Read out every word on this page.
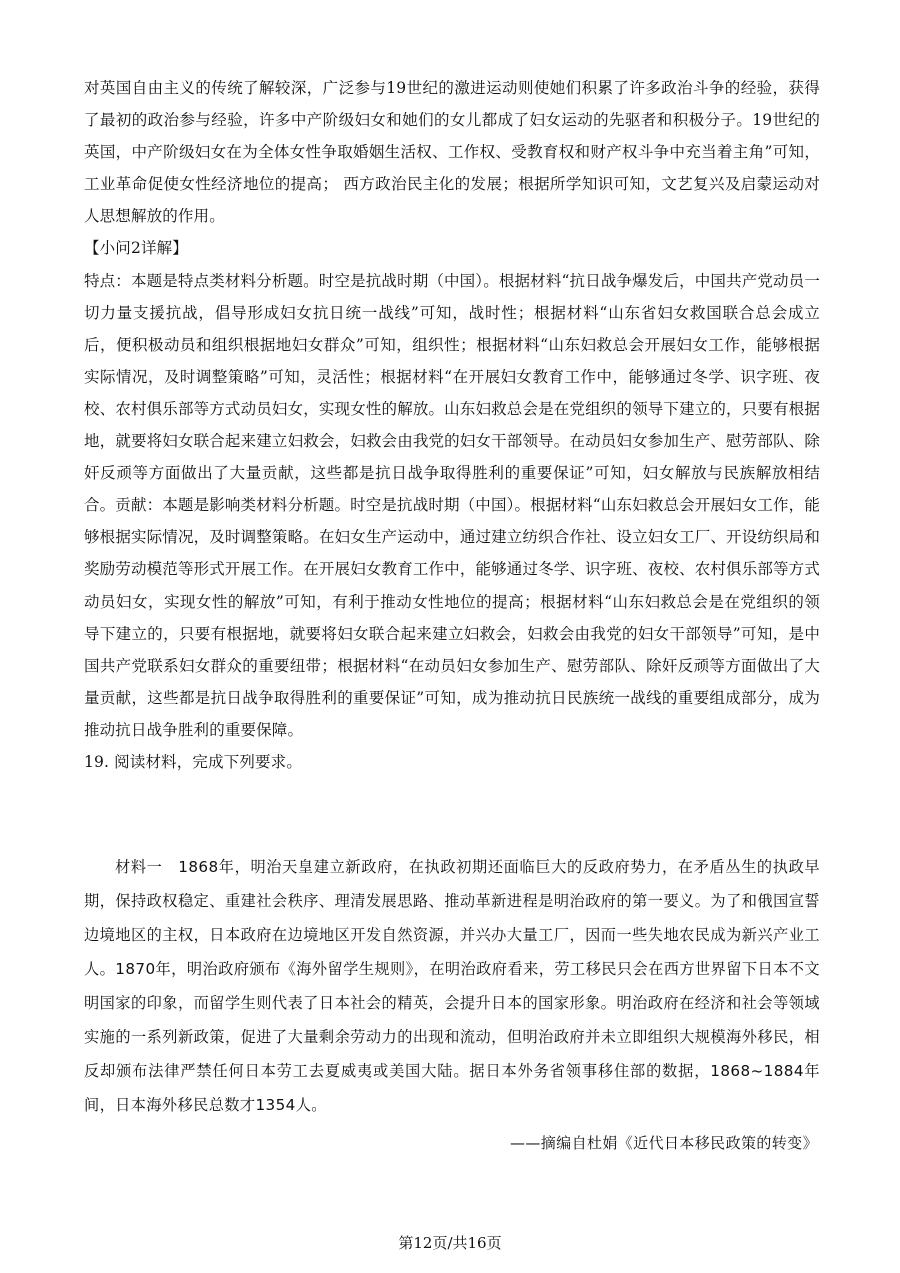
对英国自由主义的传统了解较深，广泛参与19世纪的激进运动则使她们积累了许多政治斗争的经验，获得了最初的政治参与经验，许多中产阶级妇女和她们的女儿都成了妇女运动的先驱者和积极分子。19世纪的英国，中产阶级妇女在为全体女性争取婚姻生活权、工作权、受教育权和财产权斗争中充当着主角”可知，工业革命促使女性经济地位的提高； 西方政治民主化的发展；根据所学知识可知，文艺复兴及启蒙运动对人思想解放的作用。

【小问2详解】

特点：本题是特点类材料分析题。时空是抗战时期（中国）。根据材料“抗日战争爆发后，中国共产党动员一切力量支援抗战，倡导形成妇女抗日统一战线”可知，战时性；根据材料“山东省妇女救国联合总会成立后，便积极动员和组织根据地妇女群众”可知，组织性；根据材料“山东妇救总会开展妇女工作，能够根据实际情况，及时调整策略”可知，灵活性；根据材料“在开展妇女教育工作中，能够通过冬学、识字班、夜校、农村俱乐部等方式动员妇女，实现女性的解放。山东妇救总会是在党组织的领导下建立的，只要有根据地，就要将妇女联合起来建立妇救会，妇救会由我党的妇女干部领导。在动员妇女参加生产、慰劳部队、除奸反顽等方面做出了大量贡献，这些都是抗日战争取得胜利的重要保证”可知，妇女解放与民族解放相结合。贡献：本题是影响类材料分析题。时空是抗战时期（中国）。根据材料“山东妇救总会开展妇女工作，能够根据实际情况，及时调整策略。在妇女生产运动中，通过建立纺织合作社、设立妇女工厂、开设纺织局和奖励劳动模范等形式开展工作。在开展妇女教育工作中，能够通过冬学、识字班、夜校、农村俱乐部等方式动员妇女，实现女性的解放”可知，有利于推动女性地位的提高；根据材料“山东妇救总会是在党组织的领导下建立的，只要有根据地，就要将妇女联合起来建立妇救会，妇救会由我党的妇女干部领导”可知，是中国共产党联系妇女群众的重要纽带；根据材料“在动员妇女参加生产、慰劳部队、除奸反顽等方面做出了大量贡献，这些都是抗日战争取得胜利的重要保证”可知，成为推动抗日民族统一战线的重要组成部分，成为推动抗日战争胜利的重要保障。

19. 阅读材料，完成下列要求。

材料一　1868年，明治天皇建立新政府，在执政初期还面临巨大的反政府势力，在矛盾丛生的执政早期，保持政权稳定、重建社会秩序、理清发展思路、推动革新进程是明治政府的第一要义。为了和俄国宣誓边境地区的主权，日本政府在边境地区开发自然资源，并兴办大量工厂，因而一些失地农民成为新兴产业工人。1870年，明治政府颁布《海外留学生规则》，在明治政府看来，劳工移民只会在西方世界留下日本不文明国家的印象，而留学生则代表了日本社会的精英，会提升日本的国家形象。明治政府在经济和社会等领域实施的一系列新政策，促进了大量剩余劳动力的出现和流动，但明治政府并未立即组织大规模海外移民，相反却颁布法律严禁任何日本劳工去夏威夷或美国大陆。据日本外务省领事移住部的数据，1868~1884年间，日本海外移民总数才1354人。

——摘编自杜娟《近代日本移民政策的转变》
第12页/共16页
